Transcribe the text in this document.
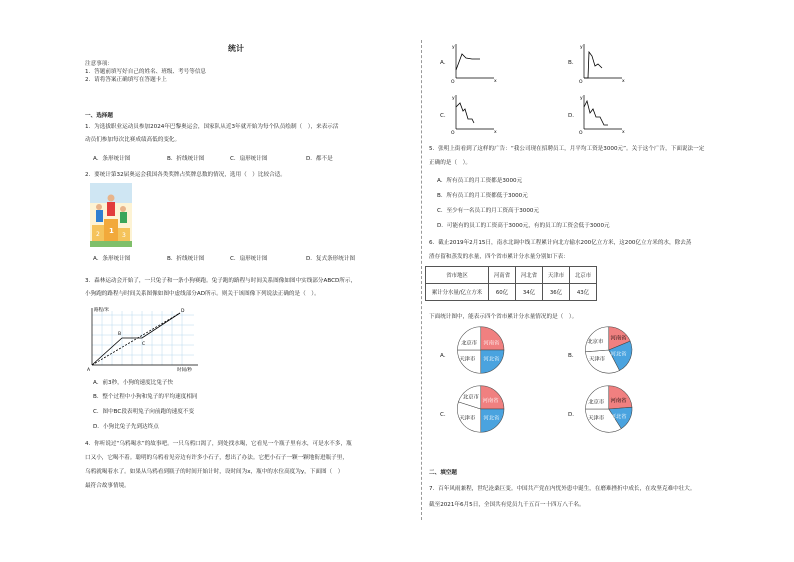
统计
注意事项：
1．答题前填写好自己的姓名、班级、考号等信息
2．请将答案正确填写在答题卡上
一、选择题
1．为选拔职业运动员参加2024年巴黎奥运会，国家队从近3年就开始为每个队员绘制（　），来表示活
动员们参加每次比赛成绩高低的变化。
A．条形统计图	B．折线统计图	C．扇形统计图	D．都不是
2．要统计第32届奥运会我国各类奖牌占奖牌总数的情况，选用（　）比较合适。
1
2	3
A．条形统计图	B．折线统计图	C．扇形统计图	D．复式条形统计图
3．森林运动会开始了，一只兔子和一条小狗赛跑。兔子跑的路程与时间关系图像如图中实线部分ABCD所示，
小狗跑的路程与时间关系图像如图中虚线部分AD所示。则关于该图像下列说法正确的是（　）。
路程/米
时间/秒
A
B
C
D
A．前3秒，小狗的速度比兔子快
B．整个过程中小狗和兔子的平均速度相同
C．图中BC段表明兔子向前跑的速度不变
D．小狗比兔子先到达终点
4．你听说过“乌鸦喝水”的故事吧。一只乌鸦口渴了，到处找水喝，它看见一个瓶子里有水，可是水不多，瓶
口又小，它喝不着。聪明的乌鸦看见旁边有许多小石子，想出了办法。它把小石子一颗一颗地衔进瓶子里，
乌鸦就喝着水了。如果从乌鸦看到瓶子的时间开始计时，设时间为x，瓶中的水位高度为y，下面图（　）
最符合故事情境。
A．
y
x
O
B．
y
x
O
C．
y
x
O
D．
y
x
O
5．张明上街看到了这样的广告：“我公司现在招聘员工，月平均工资是3000元”。关于这个广告，下面说法一定
正确的是（　）。
A．所有员工的月工资都是3000元
B．所有员工的月工资都低于3000元
C．至少有一名员工的月工资高于3000元
D．可能有的员工的工资高于3000元，有的员工的工资会低于3000元
6．截止2019年2月15日，南水北调中线工程累计向北方输水200亿立方米，这200亿立方米的水，除去蒸
渣存留和蒸发的水量，四个省市累计分水量分别如下表：
省市地区	河南省	河北省	天津市	北京市
累计分水量/亿立方米	60亿	34亿	36亿	43亿
下面统计图中，能表示四个省市累计分水量情况的是（　）。
A．
北京市 河南省
天津市 河北省
B．
北京市
河南省
天津市
河北省
C．
北京市
河南省
天津市 河北省
D．
北京市 河南省
天津市 河北省
二、填空题
7．百年风雨兼程，世纪沧桑巨变。中国共产党在内忧外患中诞生，在磨难挫折中成长，在攻坚克难中壮大。
截至2021年6月5日，全国共有党员九千五百一十四万八千名。
